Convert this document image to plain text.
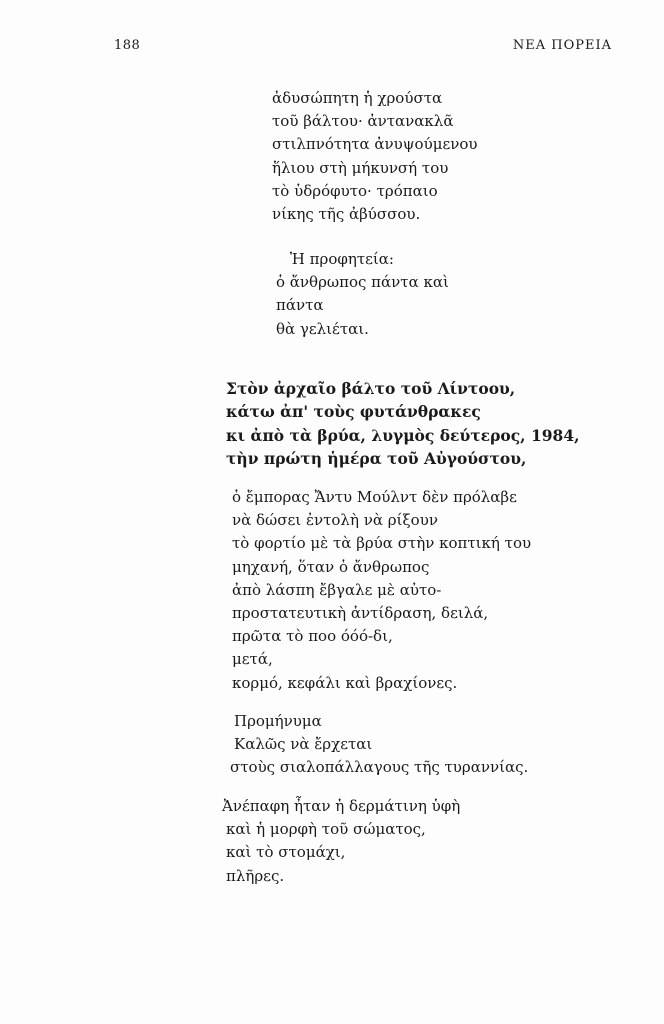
188	ΝΕΑ ΠΟΡΕΙΑ
ἀδυσώπητη ἡ χρούστα
τοῦ βάλτου· ἀντανακλᾶ
στιλπνότητα ἀνυψούμενου
ἥλιου στὴ μήκυνσή του
τὸ ὑδρόφυτο· τρόπαιο
νίκης τῆς ἀβύσσου.
Ἡ προφητεία:
ὁ ἄνθρωπος πάντα καὶ
πάντα
θὰ γελιέται.
Στὸν ἀρχαῖο βάλτο τοῦ Λίντοου,
κάτω ἀπ' τοὺς φυτάνθρακες
κι ἀπὸ τὰ βρύα, λυγμὸς δεύτερος, 1984,
τὴν πρώτη ἡμέρα τοῦ Αὐγούστου,
ὁ ἔμπορας Ἄντυ Μούλντ δὲν πρόλαβε
νὰ δώσει ἐντολὴ νὰ ρίξουν
τὸ φορτίο μὲ τὰ βρύα στὴν κοπτική του
μηχανή, ὅταν ὁ ἄνθρωπος
ἀπὸ λάσπη ἔβγαλε μὲ αὐτο-
προστατευτικὴ ἀντίδραση, δειλά,
πρῶτα τὸ ποο όόό-δι,
μετά,
κορμό, κεφάλι καὶ βραχίονες.
Προμήνυμα
Καλῶς νὰ ἔρχεται
στοὺς σιαλοπάλλαγους τῆς τυραννίας.
Ἀνέπαφη ἦταν ἡ δερμάτινη ὑφὴ
καὶ ἡ μορφὴ τοῦ σώματος,
καὶ τὸ στομάχι,
πλῆρες.
